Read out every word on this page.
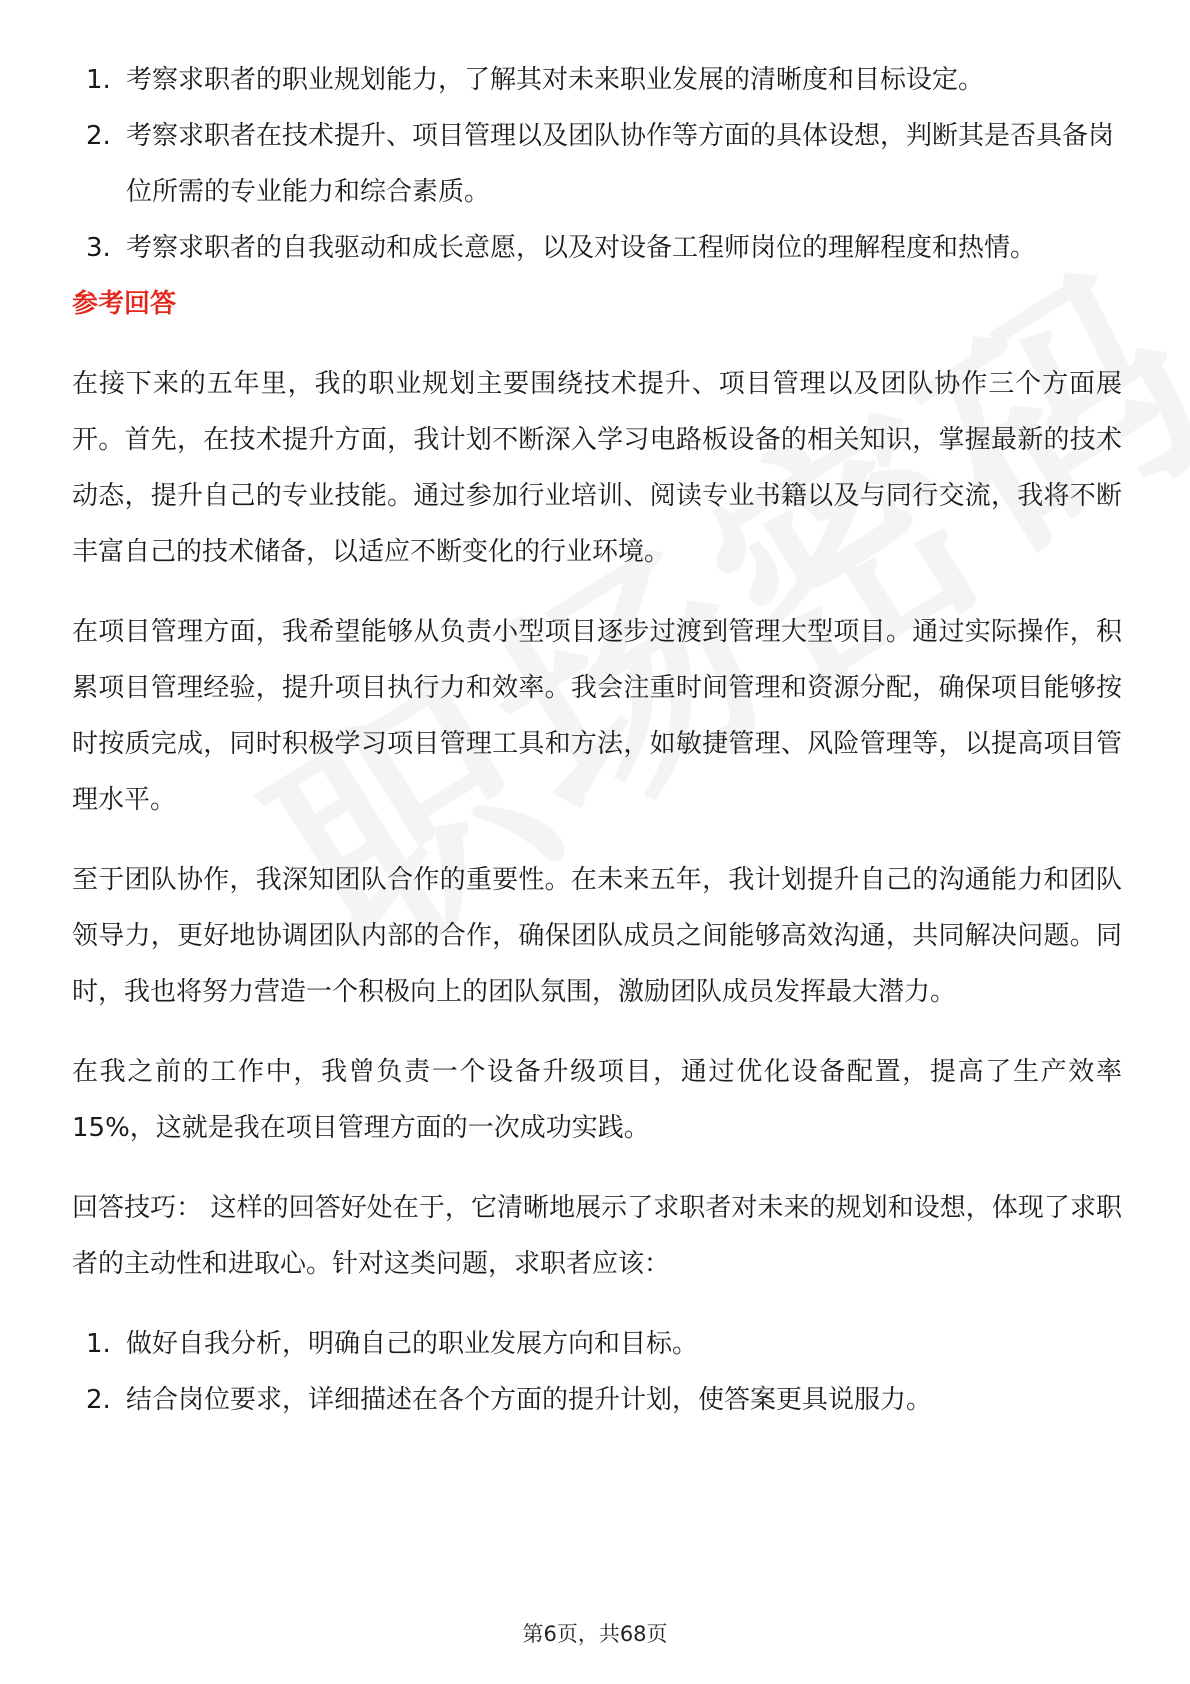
1. 考察求职者的职业规划能力，了解其对未来职业发展的清晰度和目标设定。
2. 考察求职者在技术提升、项目管理以及团队协作等方面的具体设想，判断其是否具备岗位所需的专业能力和综合素质。
3. 考察求职者的自我驱动和成长意愿，以及对设备工程师岗位的理解程度和热情。
参考回答

在接下来的五年里，我的职业规划主要围绕技术提升、项目管理以及团队协作三个方面展开。首先，在技术提升方面，我计划不断深入学习电路板设备的相关知识，掌握最新的技术动态，提升自己的专业技能。通过参加行业培训、阅读专业书籍以及与同行交流，我将不断丰富自己的技术储备，以适应不断变化的行业环境。

在项目管理方面，我希望能够从负责小型项目逐步过渡到管理大型项目。通过实际操作，积累项目管理经验，提升项目执行力和效率。我会注重时间管理和资源分配，确保项目能够按时按质完成，同时积极学习项目管理工具和方法，如敏捷管理、风险管理等，以提高项目管理水平。

至于团队协作，我深知团队合作的重要性。在未来五年，我计划提升自己的沟通能力和团队领导力，更好地协调团队内部的合作，确保团队成员之间能够高效沟通，共同解决问题。同时，我也将努力营造一个积极向上的团队氛围，激励团队成员发挥最大潜力。

在我之前的工作中，我曾负责一个设备升级项目，通过优化设备配置，提高了生产效率15%，这就是我在项目管理方面的一次成功实践。

回答技巧： 这样的回答好处在于，它清晰地展示了求职者对未来的规划和设想，体现了求职者的主动性和进取心。针对这类问题，求职者应该：

1. 做好自我分析，明确自己的职业发展方向和目标。
2. 结合岗位要求，详细描述在各个方面的提升计划，使答案更具说服力。
第6页，共68页
